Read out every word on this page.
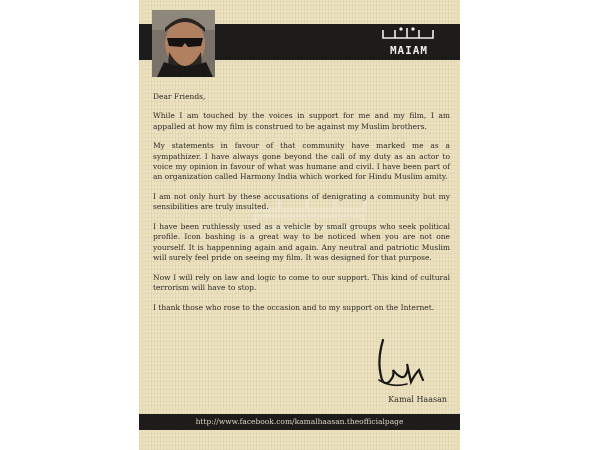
MAIAM

Dear Friends,

While I am touched by the voices in support for me and my film, I am appalled at how my film is construed to be against my Muslim brothers.

My statements in favour of that community have marked me as a sympathizer. I have always gone beyond the call of my duty as an actor to voice my opinion in favour of what was humane and civil. I have been part of an organization called Harmony India which worked for Hindu Muslim amity.

I am not only hurt by these accusations of denigrating a community but my sensibilities are truly insulted.

I have been ruthlessly used as a vehicle by small groups who seek political profile. Icon bashing is a great way to be noticed when you are not one yourself. It is happenning again and again. Any neutral and patriotic Muslim will surely feel pride on seeing my film. It was designed for that purpose.

Now I will rely on law and logic to come to our support. This kind of cultural terrorism will have to stop.

I thank those who rose to the occasion and to my support on the Internet.

Kamal Haasan
http://www.facebook.com/kamalhaasan.theofficialpage
